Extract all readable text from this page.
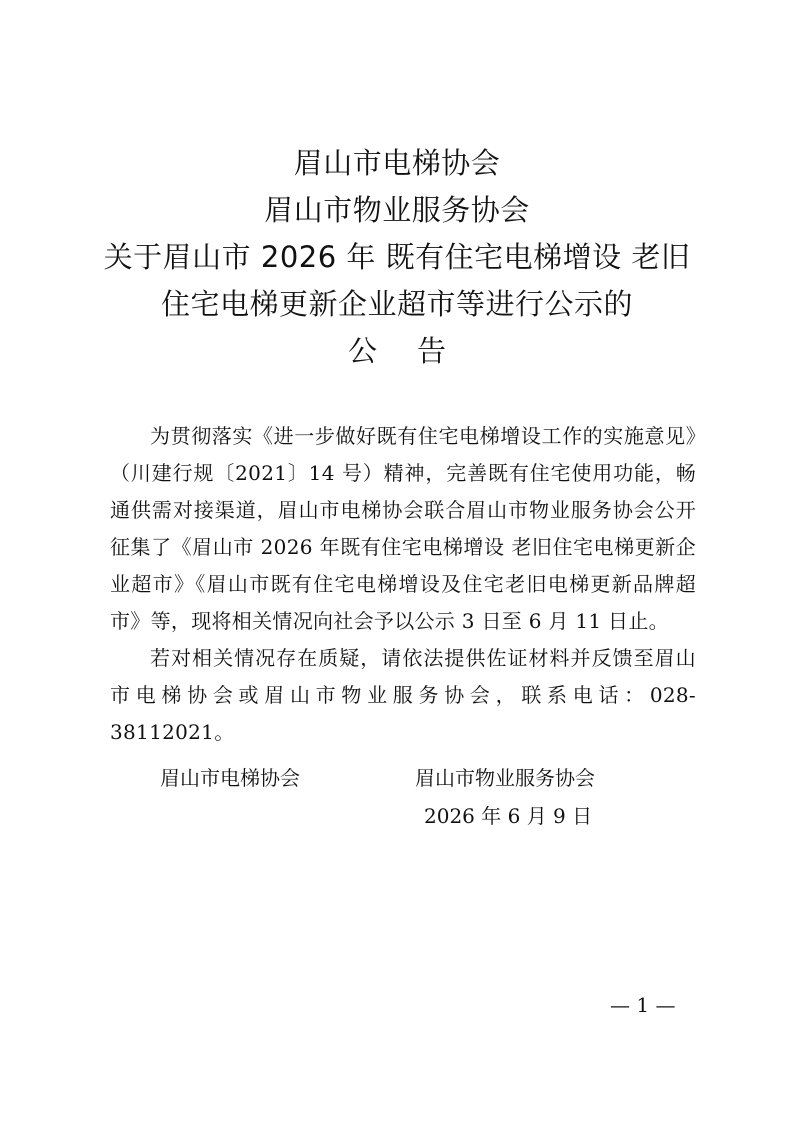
眉山市电梯协会
眉山市物业服务协会
关于眉山市 2026 年 既有住宅电梯增设 老旧
住宅电梯更新企业超市等进行公示的
公告

为贯彻落实《进一步做好既有住宅电梯增设工作的实施意见》（川建行规〔2021〕14 号）精神，完善既有住宅使用功能，畅通供需对接渠道，眉山市电梯协会联合眉山市物业服务协会公开征集了《眉山市 2026 年既有住宅电梯增设 老旧住宅电梯更新企业超市》《眉山市既有住宅电梯增设及住宅老旧电梯更新品牌超市》等，现将相关情况向社会予以公示 3 日至 6 月 11 日止。

若对相关情况存在质疑，请依法提供佐证材料并反馈至眉山市电梯协会或眉山市物业服务协会，联系电话：028-38112021。

眉山市电梯协会	眉山市物业服务协会
2026 年 6 月 9 日
— 1 —
